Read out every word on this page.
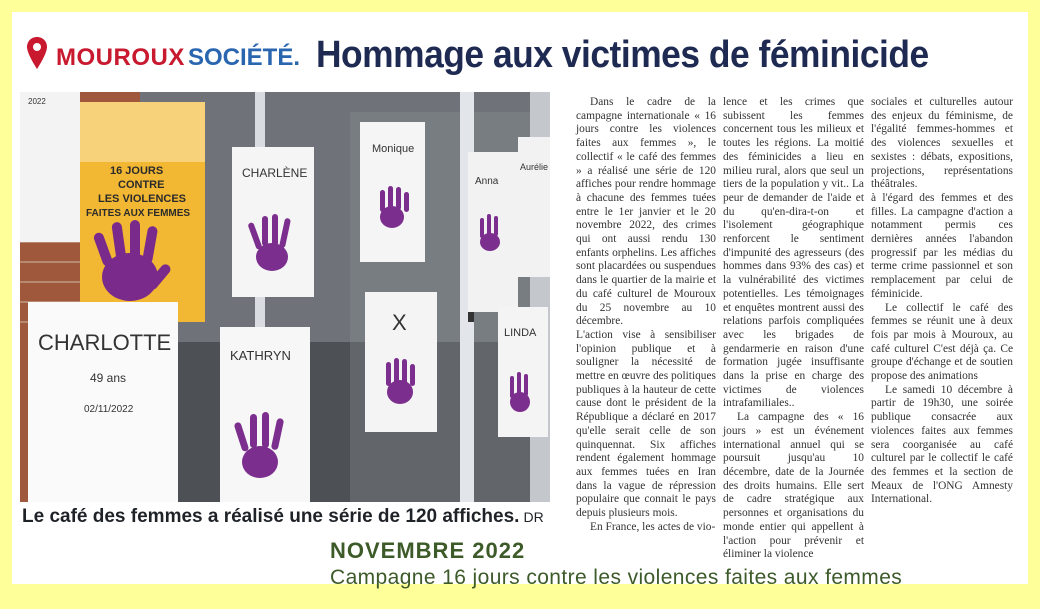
MOUROUX SOCIÉTÉ. Hommage aux victimes de féminicide
2022
16 JOURS
CONTRE
LES VIOLENCES
FAITES AUX FEMMES
CHARLÈNE
Monique
Anna
Aurélie
CHARLOTTE
49 ans
02/11/2022
KATHRYN
X	LINDA
Le café des femmes a réalisé une série de 120 affiches. DR

Dans le cadre de la campagne internationale « 16 jours contre les violences faites aux femmes », le collectif « le café des femmes » a réalisé une série de 120 affiches pour rendre hommage à chacune des femmes tuées entre le 1er janvier et le 20 novembre 2022, des crimes qui ont aussi rendu 130 enfants orphelins. Les affiches sont placardées ou suspendues dans le quartier de la mairie et du café culturel de Mouroux du 25 novembre au 10 décembre.

L'action vise à sensibiliser l'opinion publique et à souligner la nécessité de mettre en œuvre des politiques publiques à la hauteur de cette cause dont le président de la République a déclaré en 2017 qu'elle serait celle de son quinquennat. Six affiches rendent également hommage aux femmes tuées en Iran dans la vague de répression populaire que connait le pays depuis plusieurs mois.

En France, les actes de vio-

lence et les crimes que subissent les femmes concernent tous les milieux et toutes les régions. La moitié des féminicides a lieu en milieu rural, alors que seul un tiers de la population y vit.. La peur de demander de l'aide et du qu'en-dira-t-on et l'isolement géographique renforcent le sentiment d'impunité des agresseurs (des hommes dans 93% des cas) et la vulnérabilité des victimes potentielles. Les témoignages et enquêtes montrent aussi des relations parfois compliquées avec les brigades de gendarmerie en raison d'une formation jugée insuffisante dans la prise en charge des victimes de violences intrafamiliales..

La campagne des « 16 jours » est un événement international annuel qui se poursuit jusqu'au 10 décembre, date de la Journée des droits humains. Elle sert de cadre stratégique aux personnes et organisations du monde entier qui appellent à l'action pour prévenir et éliminer la violence

sociales et culturelles autour des enjeux du féminisme, de l'égalité femmes-hommes et des violences sexuelles et sexistes : débats, expositions, projections, représentations théâtrales.

à l'égard des femmes et des filles. La campagne d'action a notamment permis ces dernières années l'abandon progressif par les médias du terme crime passionnel et son remplacement par celui de féminicide.

Le collectif le café des femmes se réunit une à deux fois par mois à Mouroux, au café culturel C'est déjà ça. Ce groupe d'échange et de soutien propose des animations

Le samedi 10 décembre à partir de 19h30, une soirée publique consacrée aux violences faites aux femmes sera coorganisée au café culturel par le collectif le café des femmes et la section de Meaux de l'ONG Amnesty International.

NOVEMBRE 2022
Campagne 16 jours contre les violences faites aux femmes
